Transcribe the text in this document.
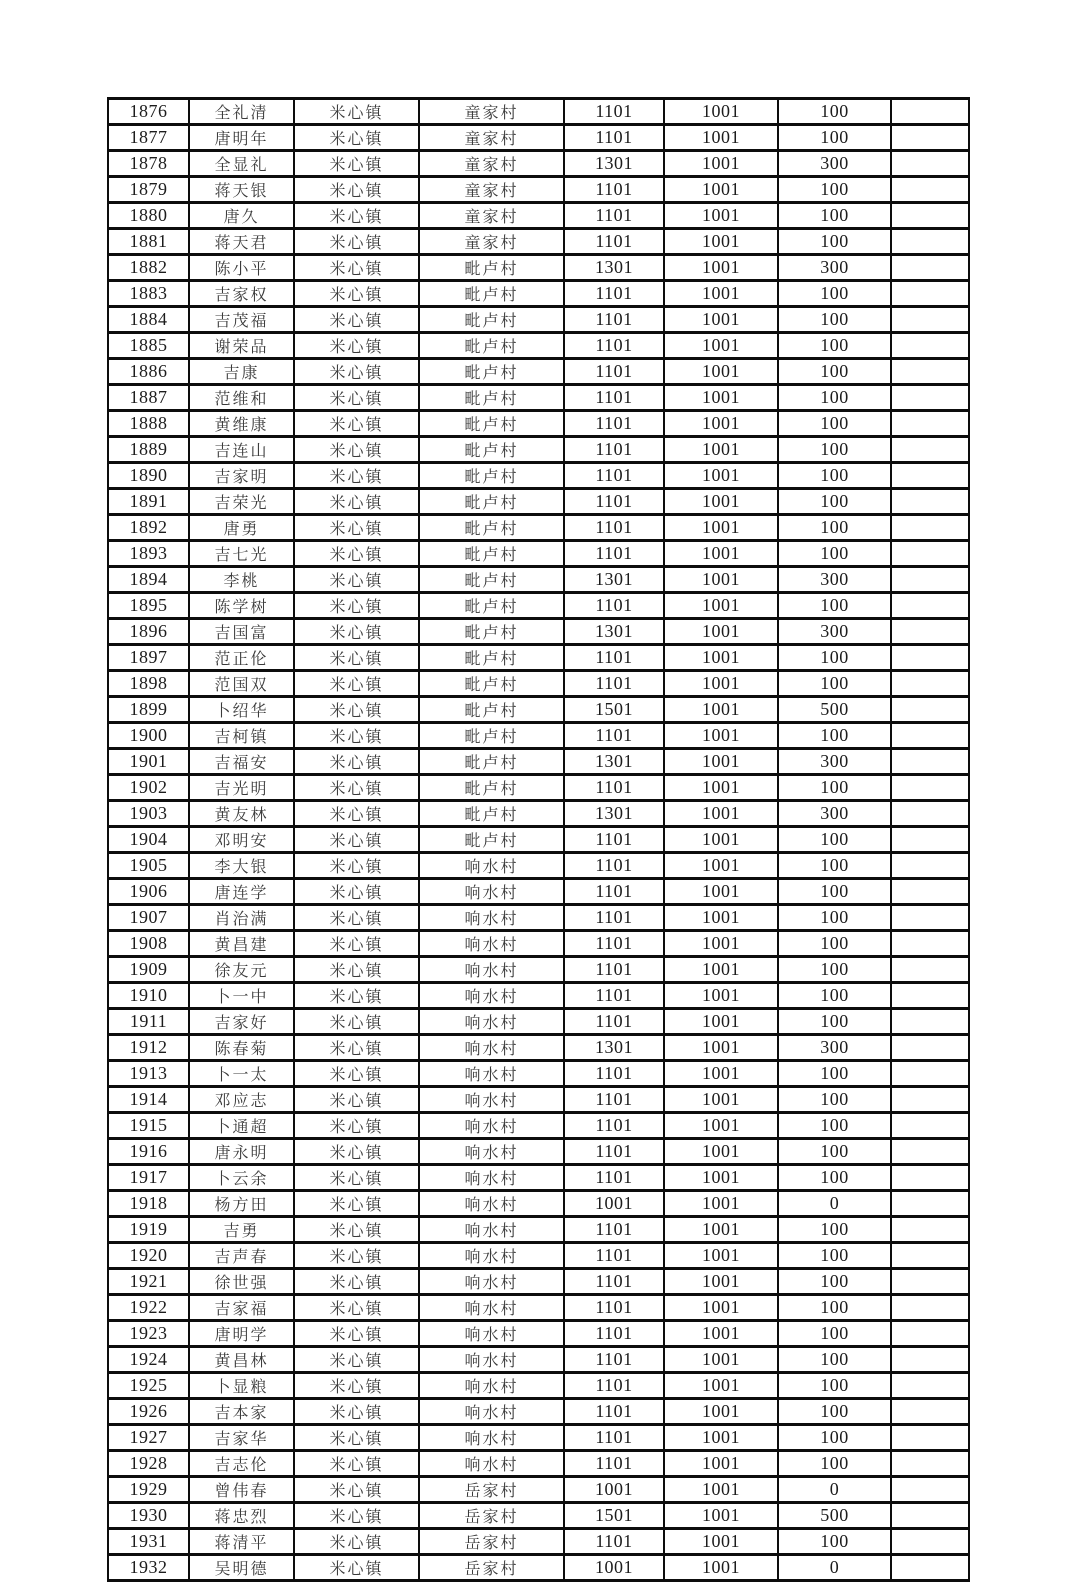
1876	全礼清	米心镇	童家村	1101	1001	100	
1877	唐明年	米心镇	童家村	1101	1001	100	
1878	全显礼	米心镇	童家村	1301	1001	300	
1879	蒋天银	米心镇	童家村	1101	1001	100	
1880	唐久	米心镇	童家村	1101	1001	100	
1881	蒋天君	米心镇	童家村	1101	1001	100	
1882	陈小平	米心镇	毗卢村	1301	1001	300	
1883	吉家权	米心镇	毗卢村	1101	1001	100	
1884	吉茂福	米心镇	毗卢村	1101	1001	100	
1885	谢荣品	米心镇	毗卢村	1101	1001	100	
1886	吉康	米心镇	毗卢村	1101	1001	100	
1887	范维和	米心镇	毗卢村	1101	1001	100	
1888	黄维康	米心镇	毗卢村	1101	1001	100	
1889	吉连山	米心镇	毗卢村	1101	1001	100	
1890	吉家明	米心镇	毗卢村	1101	1001	100	
1891	吉荣光	米心镇	毗卢村	1101	1001	100	
1892	唐勇	米心镇	毗卢村	1101	1001	100	
1893	吉七光	米心镇	毗卢村	1101	1001	100	
1894	李桃	米心镇	毗卢村	1301	1001	300	
1895	陈学树	米心镇	毗卢村	1101	1001	100	
1896	吉国富	米心镇	毗卢村	1301	1001	300	
1897	范正伦	米心镇	毗卢村	1101	1001	100	
1898	范国双	米心镇	毗卢村	1101	1001	100	
1899	卜绍华	米心镇	毗卢村	1501	1001	500	
1900	吉柯镇	米心镇	毗卢村	1101	1001	100	
1901	吉福安	米心镇	毗卢村	1301	1001	300	
1902	吉光明	米心镇	毗卢村	1101	1001	100	
1903	黄友林	米心镇	毗卢村	1301	1001	300	
1904	邓明安	米心镇	毗卢村	1101	1001	100	
1905	李大银	米心镇	响水村	1101	1001	100	
1906	唐连学	米心镇	响水村	1101	1001	100	
1907	肖治满	米心镇	响水村	1101	1001	100	
1908	黄昌建	米心镇	响水村	1101	1001	100	
1909	徐友元	米心镇	响水村	1101	1001	100	
1910	卜一中	米心镇	响水村	1101	1001	100	
1911	吉家好	米心镇	响水村	1101	1001	100	
1912	陈春菊	米心镇	响水村	1301	1001	300	
1913	卜一太	米心镇	响水村	1101	1001	100	
1914	邓应志	米心镇	响水村	1101	1001	100	
1915	卜通超	米心镇	响水村	1101	1001	100	
1916	唐永明	米心镇	响水村	1101	1001	100	
1917	卜云余	米心镇	响水村	1101	1001	100	
1918	杨方田	米心镇	响水村	1001	1001	0	
1919	吉勇	米心镇	响水村	1101	1001	100	
1920	吉声春	米心镇	响水村	1101	1001	100	
1921	徐世强	米心镇	响水村	1101	1001	100	
1922	吉家福	米心镇	响水村	1101	1001	100	
1923	唐明学	米心镇	响水村	1101	1001	100	
1924	黄昌林	米心镇	响水村	1101	1001	100	
1925	卜显粮	米心镇	响水村	1101	1001	100	
1926	吉本家	米心镇	响水村	1101	1001	100	
1927	吉家华	米心镇	响水村	1101	1001	100	
1928	吉志伦	米心镇	响水村	1101	1001	100	
1929	曾伟春	米心镇	岳家村	1001	1001	0	
1930	蒋忠烈	米心镇	岳家村	1501	1001	500	
1931	蒋清平	米心镇	岳家村	1101	1001	100	
1932	吴明德	米心镇	岳家村	1001	1001	0	
